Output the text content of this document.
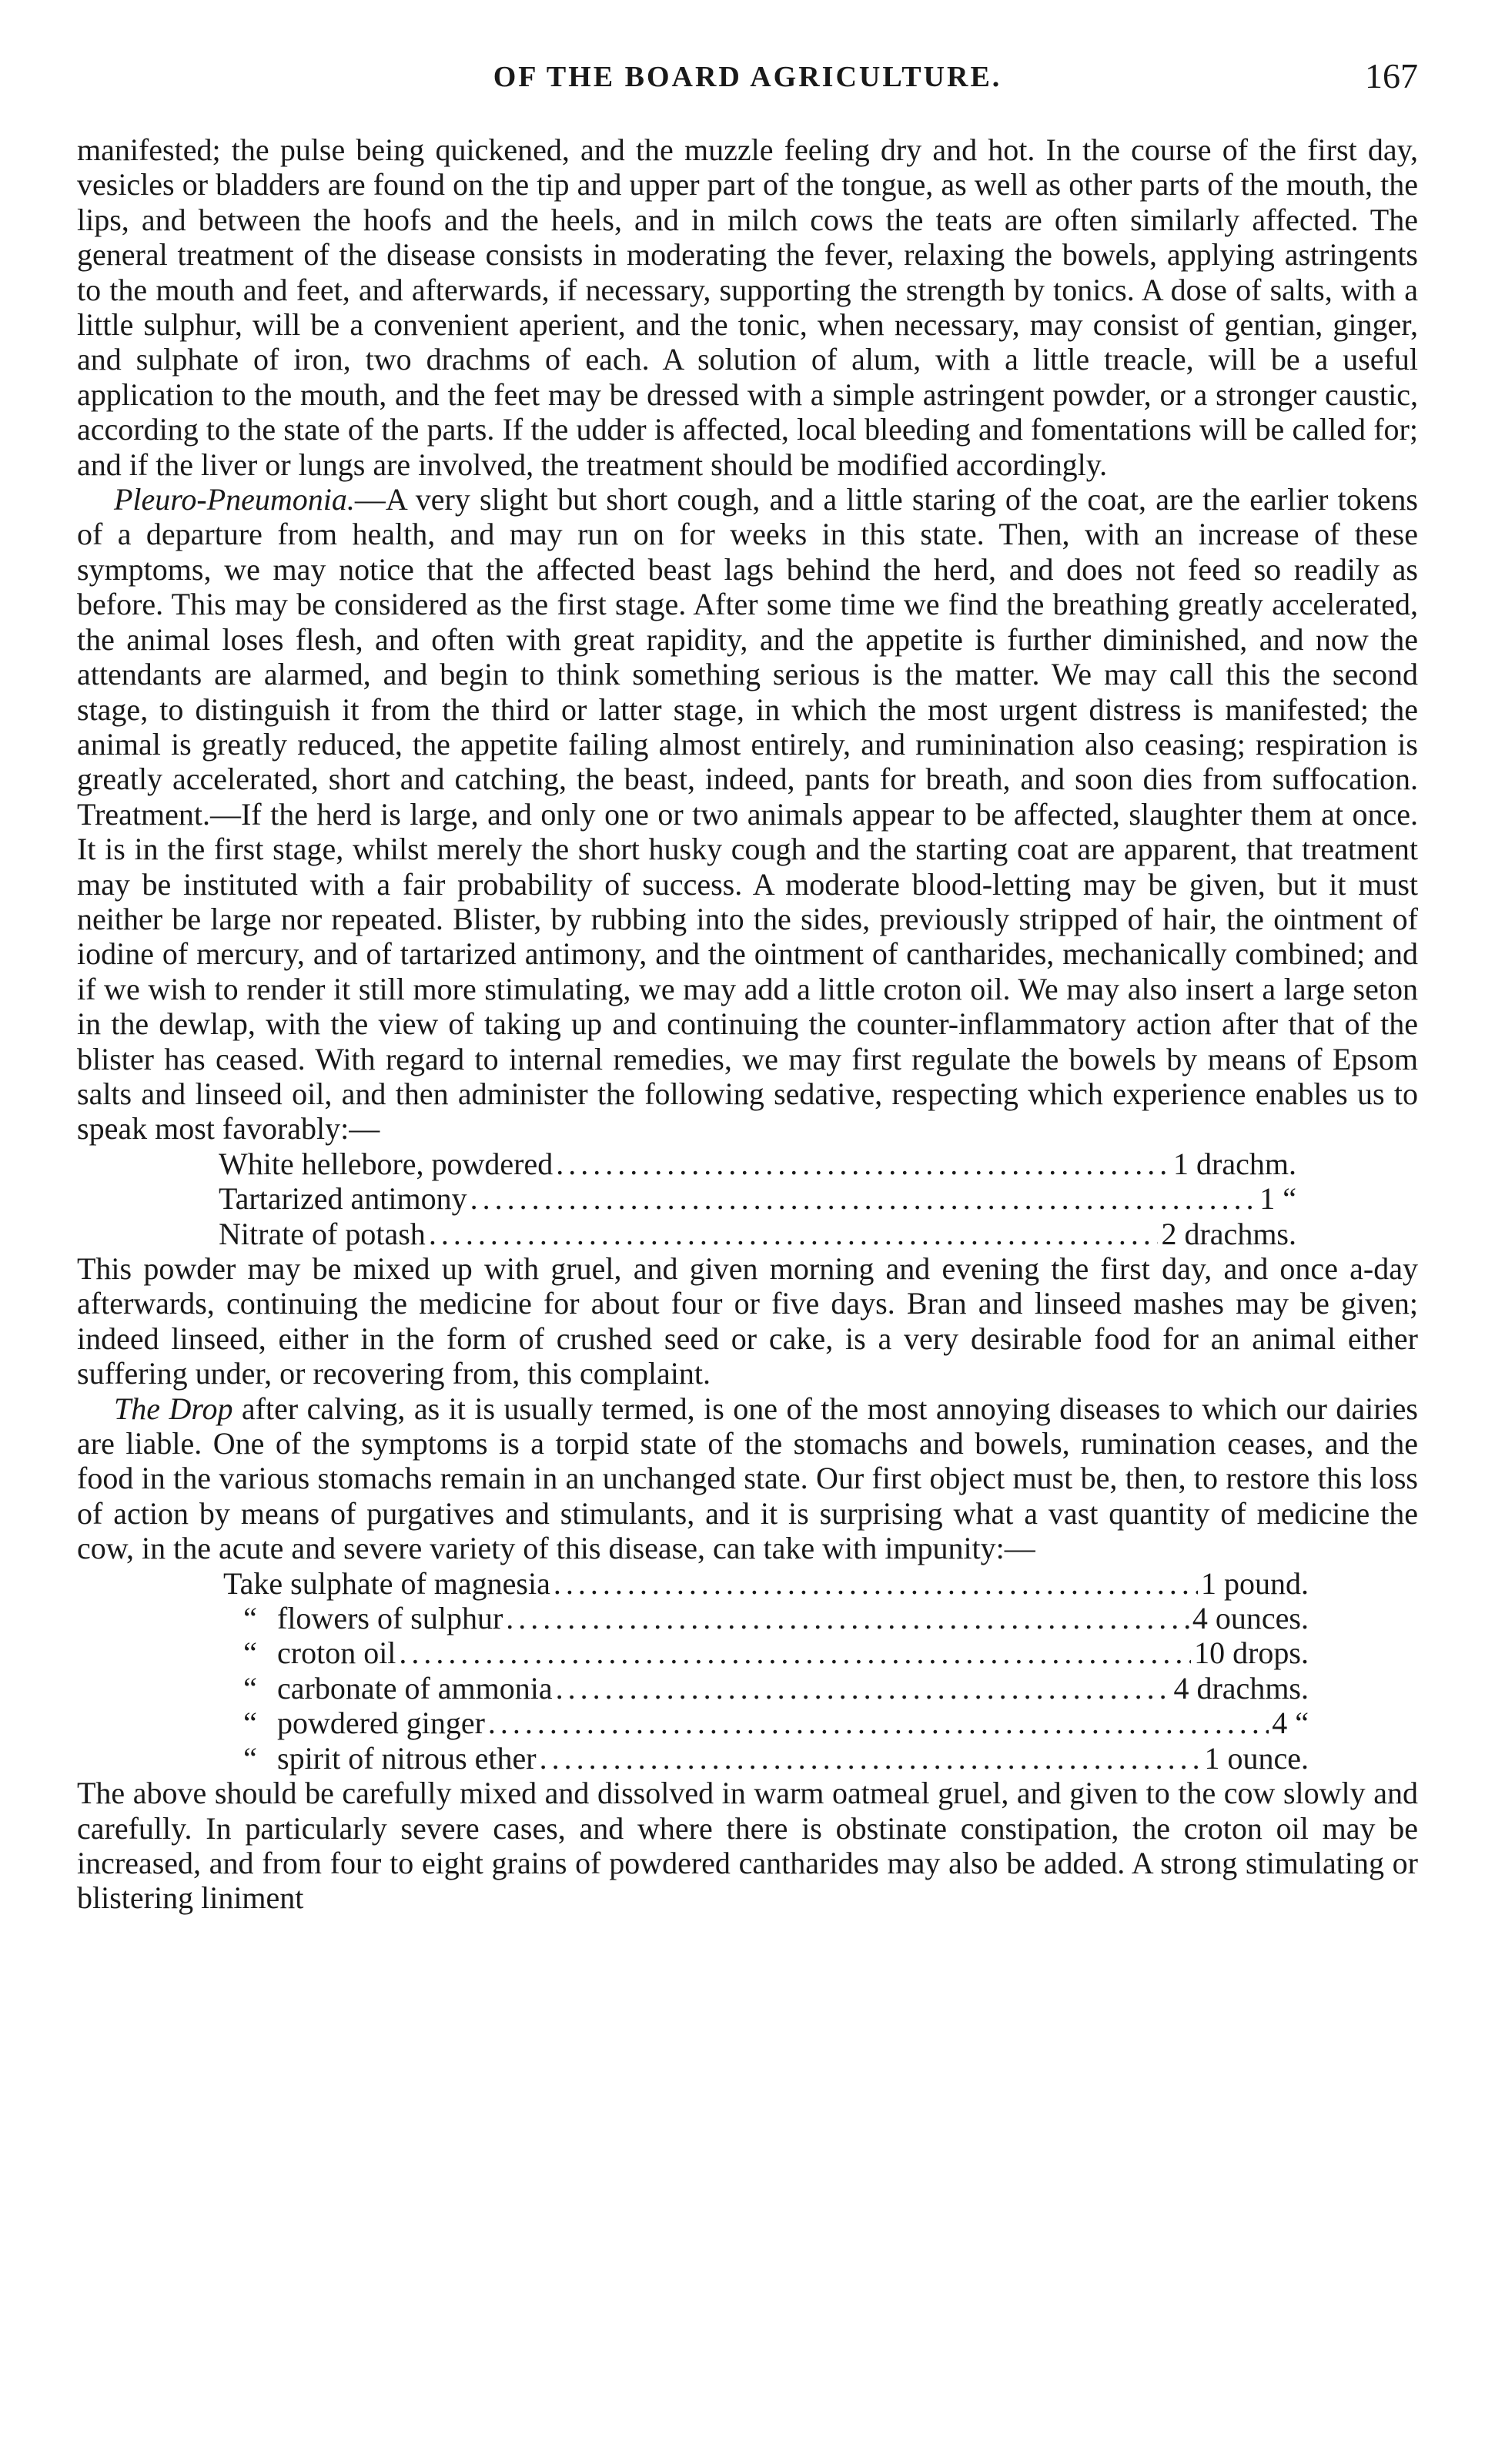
OF THE BOARD AGRICULTURE.	167

manifested; the pulse being quickened, and the muzzle feeling dry and hot. In the course of the first day, vesicles or bladders are found on the tip and upper part of the tongue, as well as other parts of the mouth, the lips, and between the hoofs and the heels, and in milch cows the teats are often similarly affected. The general treatment of the disease consists in moderating the fever, relaxing the bowels, applying astringents to the mouth and feet, and afterwards, if necessary, supporting the strength by tonics. A dose of salts, with a little sulphur, will be a convenient aperient, and the tonic, when necessary, may consist of gentian, ginger, and sulphate of iron, two drachms of each. A solution of alum, with a little treacle, will be a useful application to the mouth, and the feet may be dressed with a simple astringent powder, or a stronger caustic, according to the state of the parts. If the udder is affected, local bleeding and fomentations will be called for; and if the liver or lungs are involved, the treatment should be modified accordingly.

Pleuro-Pneumonia.—A very slight but short cough, and a little staring of the coat, are the earlier tokens of a departure from health, and may run on for weeks in this state. Then, with an increase of these symptoms, we may notice that the affected beast lags behind the herd, and does not feed so readily as before. This may be considered as the first stage. After some time we find the breathing greatly accelerated, the animal loses flesh, and often with great rapidity, and the appetite is further diminished, and now the attendants are alarmed, and begin to think something serious is the matter. We may call this the second stage, to distinguish it from the third or latter stage, in which the most urgent distress is manifested; the animal is greatly reduced, the appetite failing almost entirely, and ruminination also ceasing; respiration is greatly accelerated, short and catching, the beast, indeed, pants for breath, and soon dies from suffocation. Treatment.—If the herd is large, and only one or two animals appear to be affected, slaughter them at once. It is in the first stage, whilst merely the short husky cough and the starting coat are apparent, that treatment may be instituted with a fair probability of success. A moderate blood-letting may be given, but it must neither be large nor repeated. Blister, by rubbing into the sides, previously stripped of hair, the ointment of iodine of mercury, and of tartarized antimony, and the ointment of cantharides, mechanically combined; and if we wish to render it still more stimulating, we may add a little croton oil. We may also insert a large seton in the dewlap, with the view of taking up and continuing the counter-inflammatory action after that of the blister has ceased. With regard to internal remedies, we may first regulate the bowels by means of Epsom salts and linseed oil, and then administer the following sedative, respecting which experience enables us to speak most favorably:—

White hellebore, powdered .....	1 drachm.
Tartarized antimony .....	1 “
Nitrate of potash .....	2 drachms.

This powder may be mixed up with gruel, and given morning and evening the first day, and once a-day afterwards, continuing the medicine for about four or five days. Bran and linseed mashes may be given; indeed linseed, either in the form of crushed seed or cake, is a very desirable food for an animal either suffering under, or recovering from, this complaint.

The Drop after calving, as it is usually termed, is one of the most annoying diseases to which our dairies are liable. One of the symptoms is a torpid state of the stomachs and bowels, rumination ceases, and the food in the various stomachs remain in an unchanged state. Our first object must be, then, to restore this loss of action by means of purgatives and stimulants, and it is surprising what a vast quantity of medicine the cow, in the acute and severe variety of this disease, can take with impunity:—

Take sulphate of magnesia .....	1 pound.
“ flowers of sulphur .....	4 ounces.
“ croton oil .....	10 drops.
“ carbonate of ammonia .....	4 drachms.
“ powdered ginger .....	4 “
“ spirit of nitrous ether .....	1 ounce.

The above should be carefully mixed and dissolved in warm oatmeal gruel, and given to the cow slowly and carefully. In particularly severe cases, and where there is obstinate constipation, the croton oil may be increased, and from four to eight grains of powdered cantharides may also be added. A strong stimulating or blistering liniment
